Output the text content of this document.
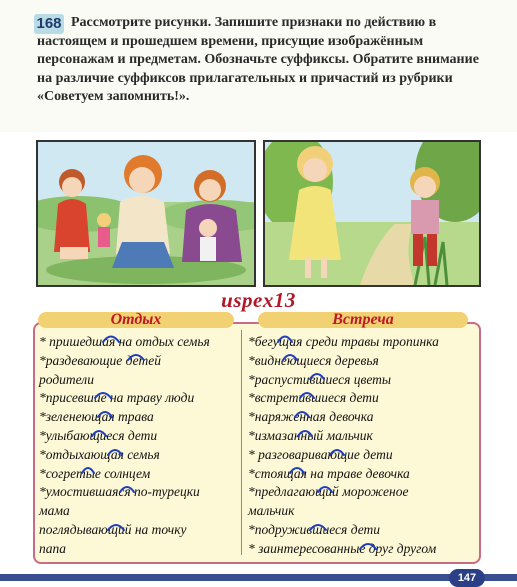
Рассмотрите рисунки. Запишите признаки по действию в настоящем и прошедшем времени, присущие изображённым персонажам и предметам. Обозначьте суффиксы. Обратите внимание на различие суффиксов прилагательных и причастий из рубрики «Советуем запомнить!».

168
uspex13
Отдых	Встреча
* пришедшая на отдых семья
*раздевающие детей
родители
*присевшие на траву люди
*зеленеющая трава
*улыбающиеся дети
*отдыхающая семья
*согретые солнцем
*умостившаяся по-турецки
мама
поглядывающий на точку
папа
*бегущая среди травы тропинка
*виднеющиеся деревья
*распустившиеся цветы
*встретившиеся дети
*наряженная девочка
*измазанный мальчик
* разговаривающие дети
*стоящая на траве девочка
*предлагающий мороженое
мальчик
*подружившиеся дети
* заинтересованные друг другом
147
